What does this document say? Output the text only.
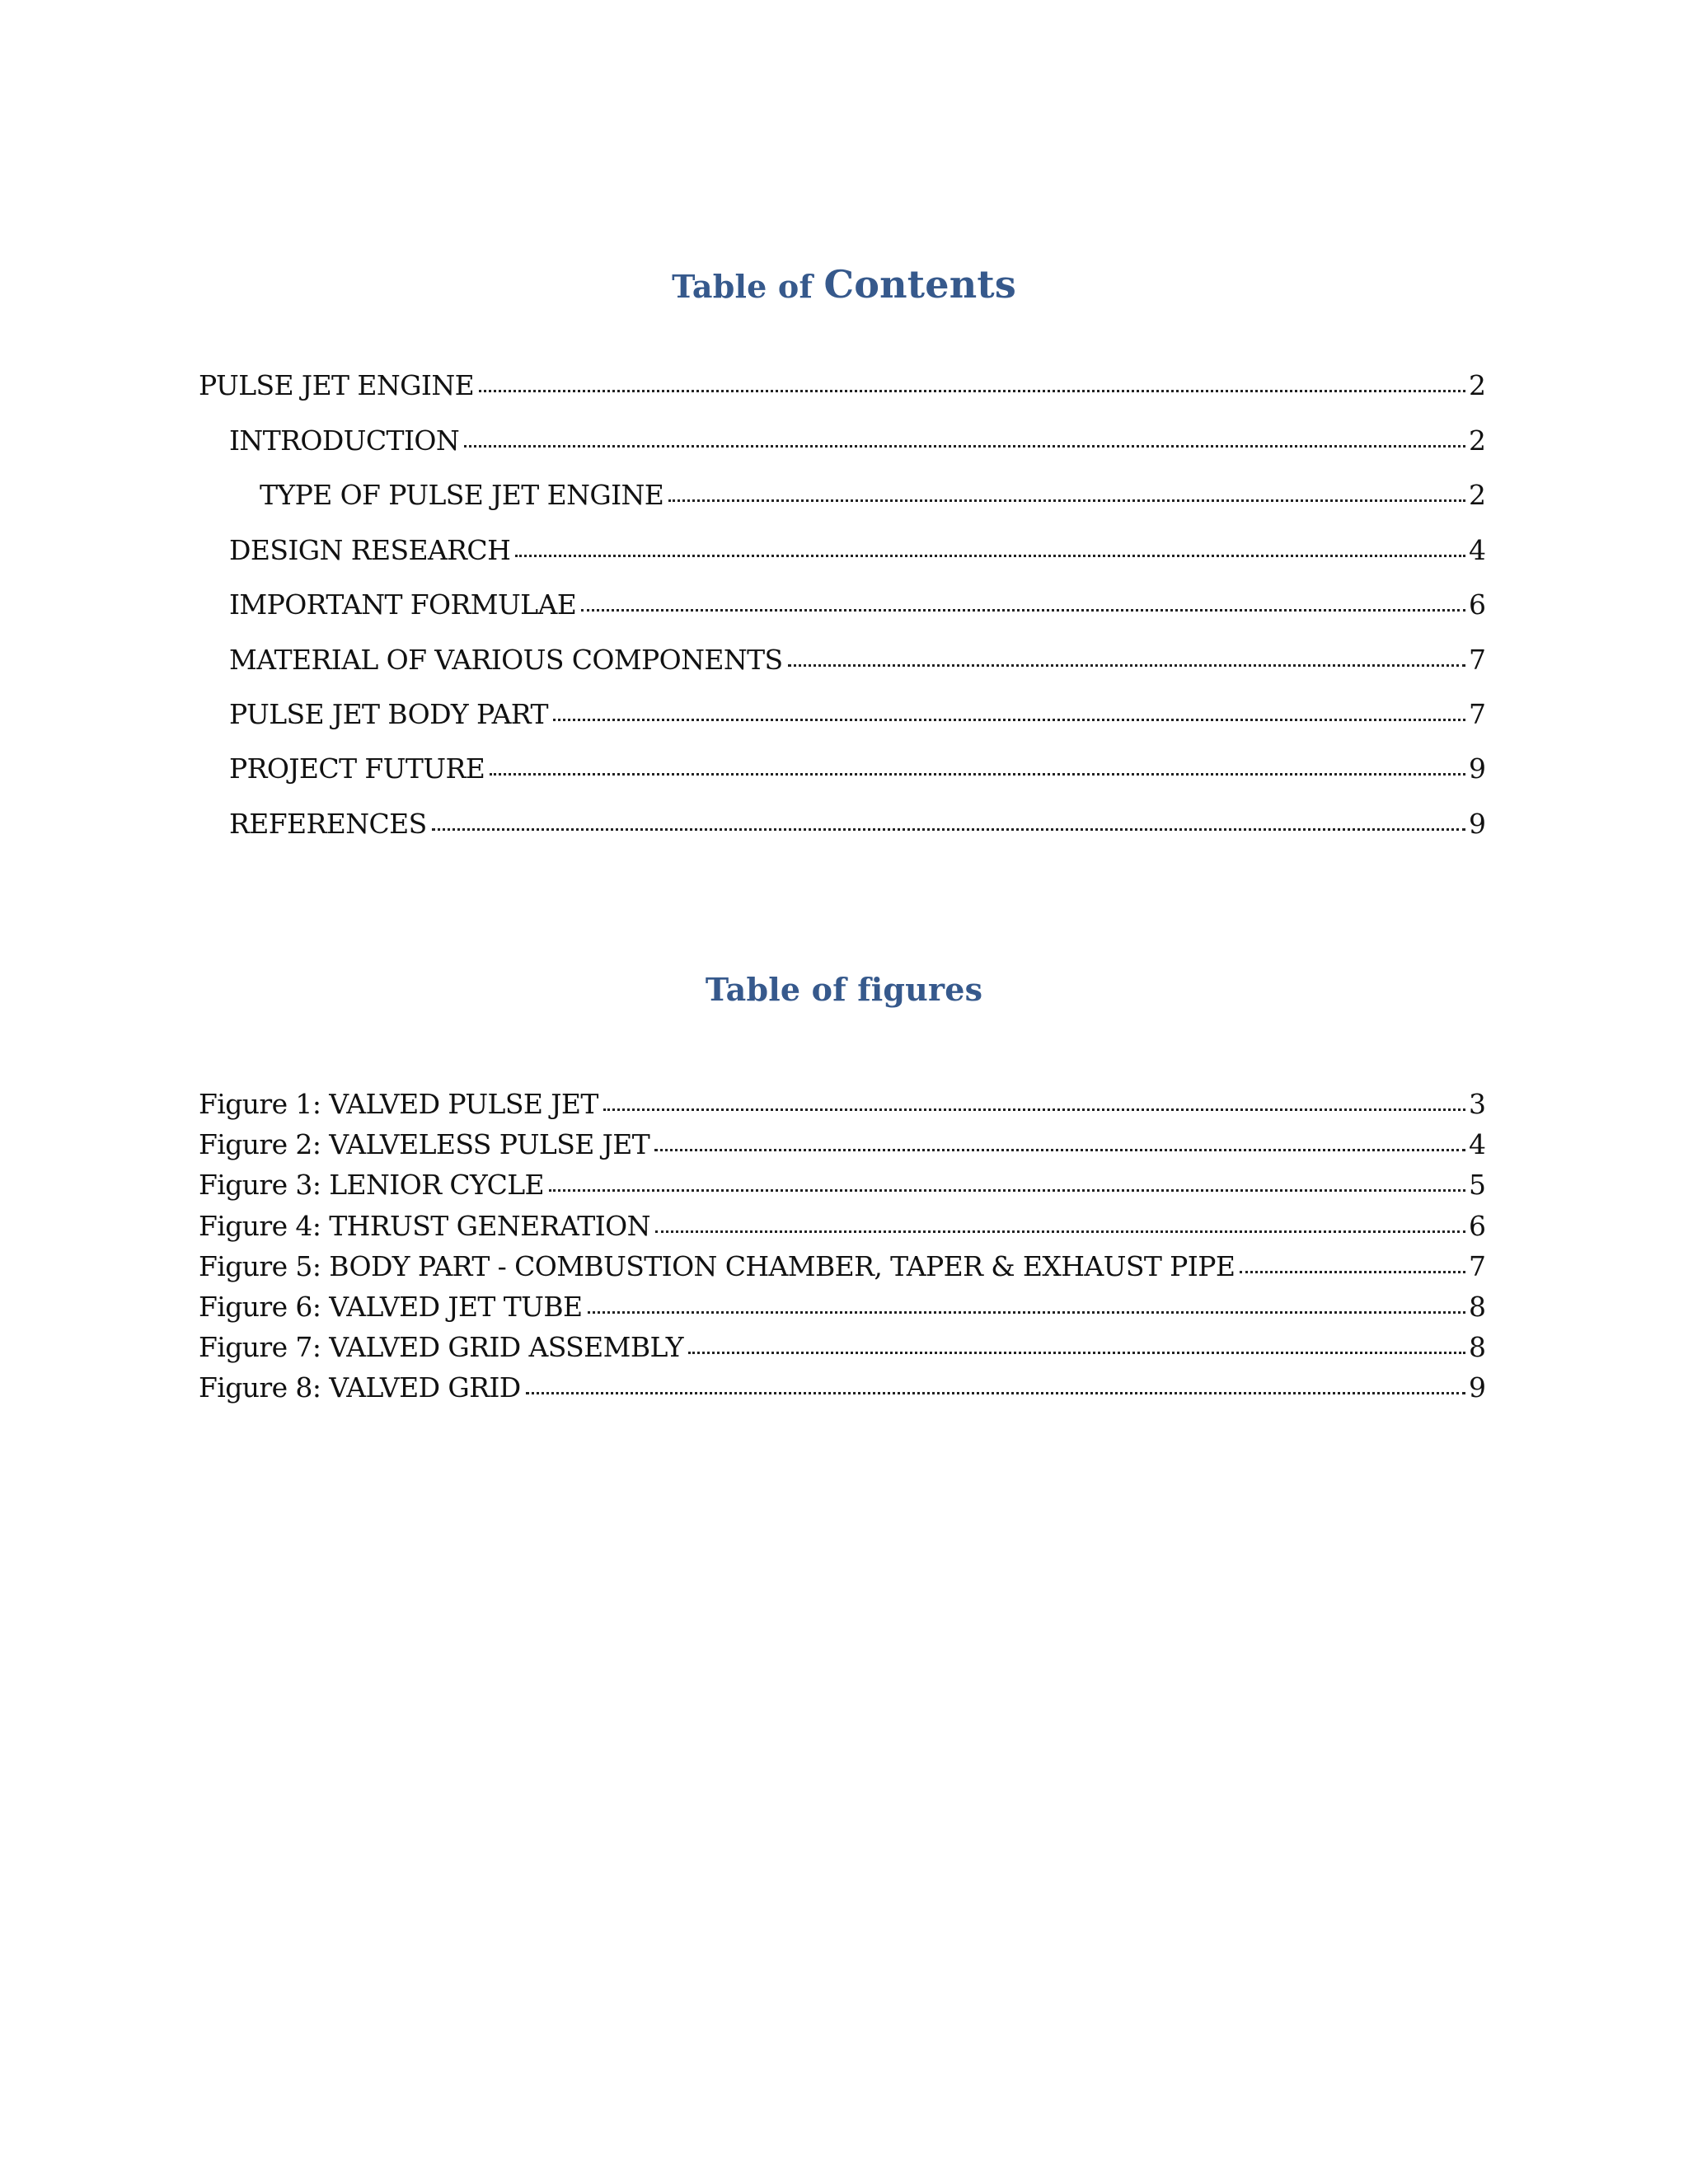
Table of Contents
PULSE JET ENGINE	2
INTRODUCTION	2
TYPE OF PULSE JET ENGINE	2
DESIGN RESEARCH	4
IMPORTANT FORMULAE	6
MATERIAL OF VARIOUS COMPONENTS	7
PULSE JET BODY PART	7
PROJECT FUTURE	9
REFERENCES	9
Table of figures
Figure 1: VALVED PULSE JET	3
Figure 2: VALVELESS PULSE JET	4
Figure 3: LENIOR CYCLE	5
Figure 4: THRUST GENERATION	6
Figure 5: BODY PART - COMBUSTION CHAMBER, TAPER & EXHAUST PIPE	7
Figure 6: VALVED JET TUBE	8
Figure 7: VALVED GRID ASSEMBLY	8
Figure 8: VALVED GRID	9
